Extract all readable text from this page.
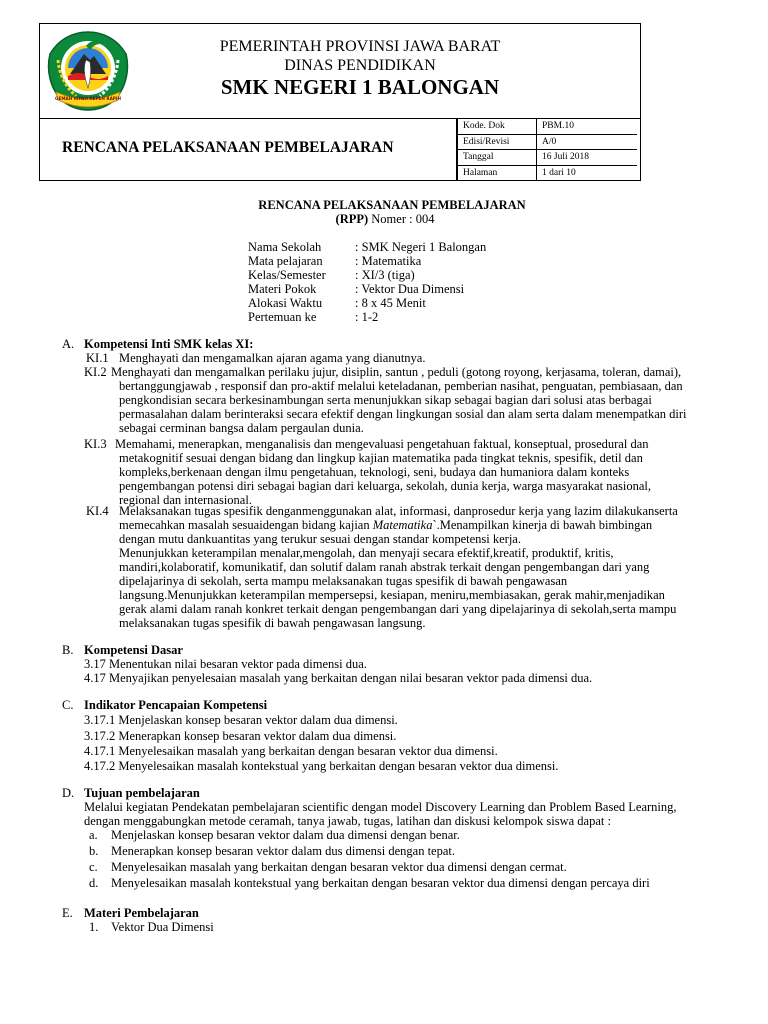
GEMAH RIPAH REPEH RAPIH
PEMERINTAH PROVINSI JAWA BARAT
DINAS PENDIDIKAN
SMK NEGERI 1 BALONGAN
RENCANA PELAKSANAAN PEMBELAJARAN
Kode. Dok	PBM.10
Edisi/Revisi	A/0
Tanggal	16 Juli 2018
Halaman	1 dari 10
RENCANA PELAKSANAAN PEMBELAJARAN
(RPP) Nomer : 004
Nama Sekolah	: SMK Negeri 1 Balongan
Mata pelajaran	: Matematika
Kelas/Semester : XI/3 (tiga)
Materi Pokok	: Vektor Dua Dimensi
Alokasi Waktu	: 8 x 45 Menit
Pertemuan ke	: 1-2
A. Kompetensi Inti SMK kelas XI:
KI.1 Menghayati dan mengamalkan ajaran agama yang dianutnya.
KI.2 Menghayati dan mengamalkan perilaku jujur, disiplin, santun , peduli (gotong royong, kerjasama, toleran, damai),
bertanggungjawab , responsif dan pro-aktif melalui keteladanan, pemberian nasihat, penguatan, pembiasaan, dan
pengkondisian secara berkesinambungan serta menunjukkan sikap sebagai bagian dari solusi atas berbagai
permasalahan dalam berinteraksi secara efektif dengan lingkungan sosial dan alam serta dalam menempatkan diri
sebagai cerminan bangsa dalam pergaulan dunia.
KI.3 Memahami, menerapkan, menganalisis dan mengevaluasi pengetahuan faktual, konseptual, prosedural dan
metakognitif sesuai dengan bidang dan lingkup kajian matematika pada tingkat teknis, spesifik, detil dan
kompleks,berkenaan dengan ilmu pengetahuan, teknologi, seni, budaya dan humaniora dalam konteks
pengembangan potensi diri sebagai bagian dari keluarga, sekolah, dunia kerja, warga masyarakat nasional,
regional dan internasional.
KI.4 Melaksanakan tugas spesifik denganmenggunakan alat, informasi, danprosedur kerja yang lazim dilakukanserta
memecahkan masalah sesuaidengan bidang kajian Matematika`.Menampilkan kinerja di bawah bimbingan
dengan mutu dankuantitas yang terukur sesuai dengan standar kompetensi kerja.
Menunjukkan keterampilan menalar,mengolah, dan menyaji secara efektif,kreatif, produktif, kritis,
mandiri,kolaboratif, komunikatif, dan solutif dalam ranah abstrak terkait dengan pengembangan dari yang
dipelajarinya di sekolah, serta mampu melaksanakan tugas spesifik di bawah pengawasan
langsung.Menunjukkan keterampilan mempersepsi, kesiapan, meniru,membiasakan, gerak mahir,menjadikan
gerak alami dalam ranah konkret terkait dengan pengembangan dari yang dipelajarinya di sekolah,serta mampu
melaksanakan tugas spesifik di bawah pengawasan langsung.
B. Kompetensi Dasar
3.17 Menentukan nilai besaran vektor pada dimensi dua.
4.17 Menyajikan penyelesaian masalah yang berkaitan dengan nilai besaran vektor pada dimensi dua.
C. Indikator Pencapaian Kompetensi
3.17.1 Menjelaskan konsep besaran vektor dalam dua dimensi.
3.17.2 Menerapkan konsep besaran vektor dalam dua dimensi.
4.17.1 Menyelesaikan masalah yang berkaitan dengan besaran vektor dua dimensi.
4.17.2 Menyelesaikan masalah kontekstual yang berkaitan dengan besaran vektor dua dimensi.
D. Tujuan pembelajaran
Melalui kegiatan Pendekatan pembelajaran scientific dengan model Discovery Learning dan Problem Based Learning,
dengan menggabungkan metode ceramah, tanya jawab, tugas, latihan dan diskusi kelompok siswa dapat :
a. Menjelaskan konsep besaran vektor dalam dua dimensi dengan benar.
b. Menerapkan konsep besaran vektor dalam dus dimensi dengan tepat.
c. Menyelesaikan masalah yang berkaitan dengan besaran vektor dua dimensi dengan cermat.
d. Menyelesaikan masalah kontekstual yang berkaitan dengan besaran vektor dua dimensi dengan percaya diri
E. Materi Pembelajaran
1. Vektor Dua Dimensi
